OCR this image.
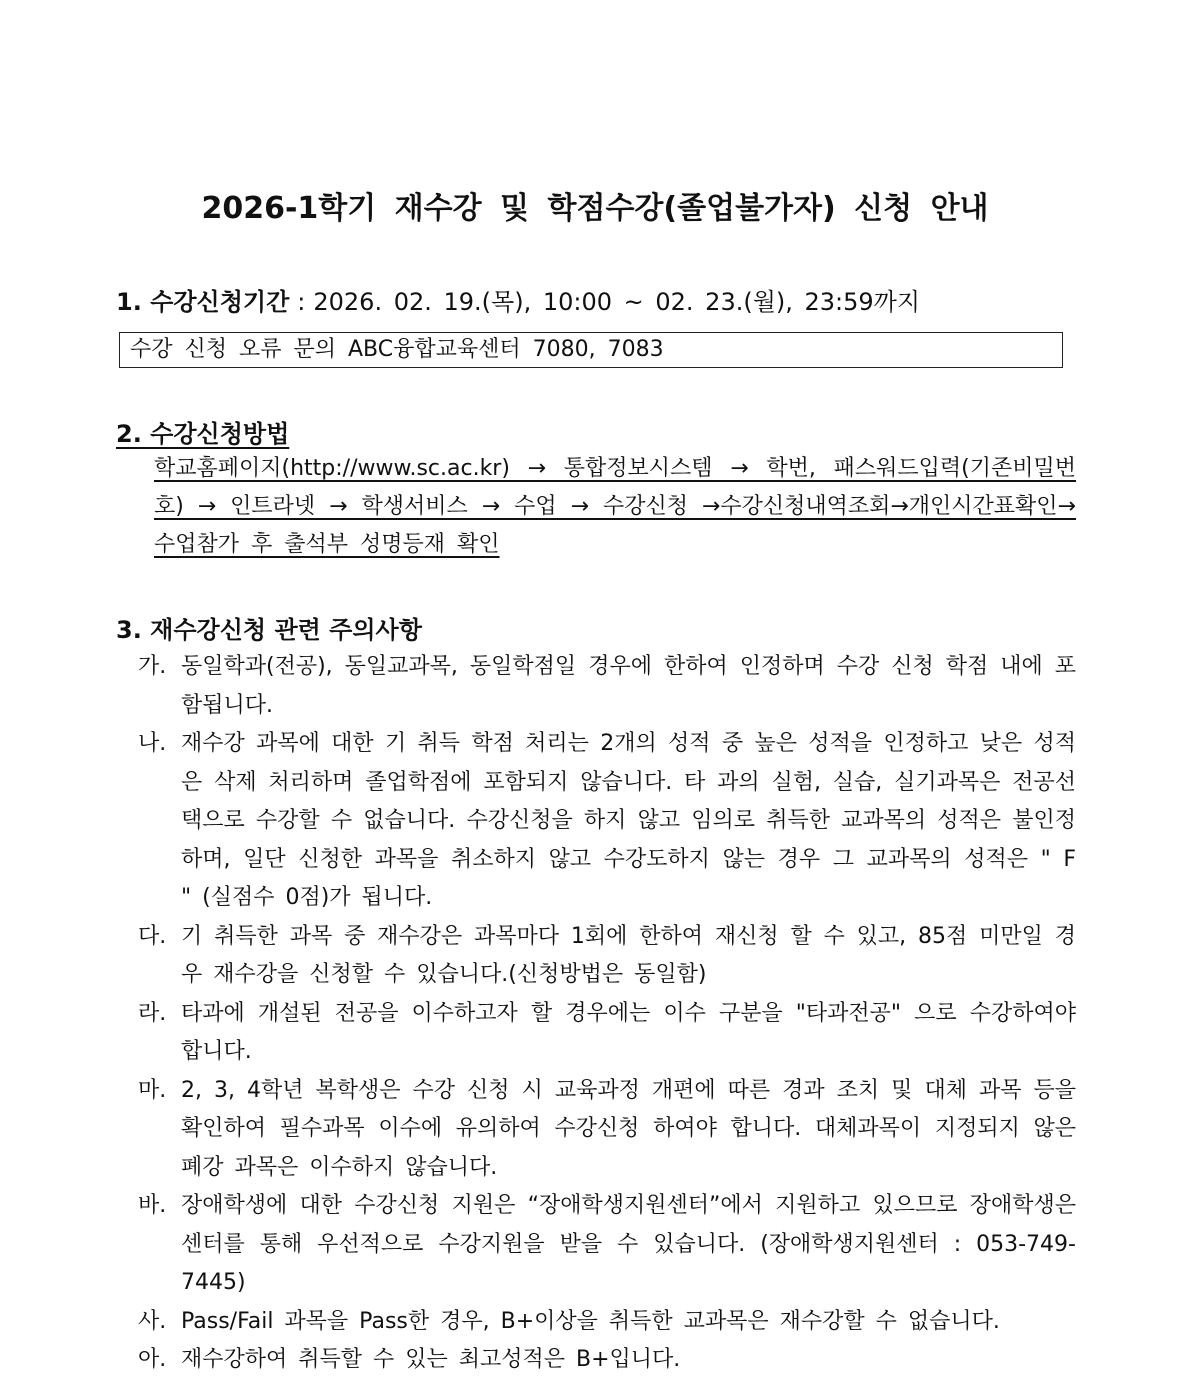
2026-1학기 재수강 및 학점수강(졸업불가자) 신청 안내
1. 수강신청기간 : 2026. 02. 19.(목), 10:00 ~ 02. 23.(월), 23:59까지
수강 신청 오류 문의 ABC융합교육센터 7080, 7083
2. 수강신청방법
학교홈페이지(http://www.sc.ac.kr) → 통합정보시스템 → 학번, 패스워드입력(기존비밀번호) → 인트라넷 → 학생서비스 → 수업 → 수강신청 →수강신청내역조회→개인시간표확인→ 수업참가 후 출석부 성명등재 확인
3. 재수강신청 관련 주의사항
가. 동일학과(전공), 동일교과목, 동일학점일 경우에 한하여 인정하며 수강 신청 학점 내에 포함됩니다.
나. 재수강 과목에 대한 기 취득 학점 처리는 2개의 성적 중 높은 성적을 인정하고 낮은 성적은 삭제 처리하며 졸업학점에 포함되지 않습니다. 타 과의 실험, 실습, 실기과목은 전공선택으로 수강할 수 없습니다. 수강신청을 하지 않고 임의로 취득한 교과목의 성적은 불인정하며, 일단 신청한 과목을 취소하지 않고 수강도하지 않는 경우 그 교과목의 성적은 " F " (실점수 0점)가 됩니다.
다. 기 취득한 과목 중 재수강은 과목마다 1회에 한하여 재신청 할 수 있고, 85점 미만일 경우 재수강을 신청할 수 있습니다.(신청방법은 동일함)
라. 타과에 개설된 전공을 이수하고자 할 경우에는 이수 구분을 "타과전공" 으로 수강하여야 합니다.
마. 2, 3, 4학년 복학생은 수강 신청 시 교육과정 개편에 따른 경과 조치 및 대체 과목 등을 확인하여 필수과목 이수에 유의하여 수강신청 하여야 합니다. 대체과목이 지정되지 않은 폐강 과목은 이수하지 않습니다.
바. 장애학생에 대한 수강신청 지원은 “장애학생지원센터”에서 지원하고 있으므로 장애학생은 센터를 통해 우선적으로 수강지원을 받을 수 있습니다. (장애학생지원센터 : 053-749-7445)
사. Pass/Fail 과목을 Pass한 경우, B+이상을 취득한 교과목은 재수강할 수 없습니다.
아. 재수강하여 취득할 수 있는 최고성적은 B+입니다.
